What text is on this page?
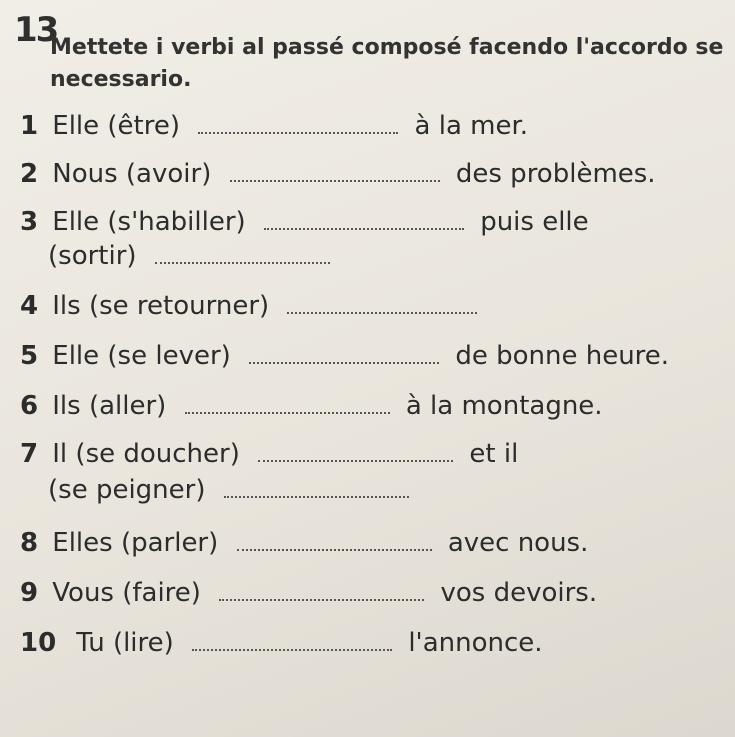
13
Mettete i verbi al passé composé facendo l'accordo se necessario.
1 Elle (être)	à la mer.
2 Nous (avoir)	des problèmes.
3 Elle (s'habiller)	puis elle
(sortir)
4 Ils (se retourner)
5 Elle (se lever)	de bonne heure.
6 Ils (aller)	à la montagne.
7 Il (se doucher)	et il
(se peigner)
8 Elles (parler)	avec nous.
9 Vous (faire)	vos devoirs.
10 Tu (lire)	l'annonce.
